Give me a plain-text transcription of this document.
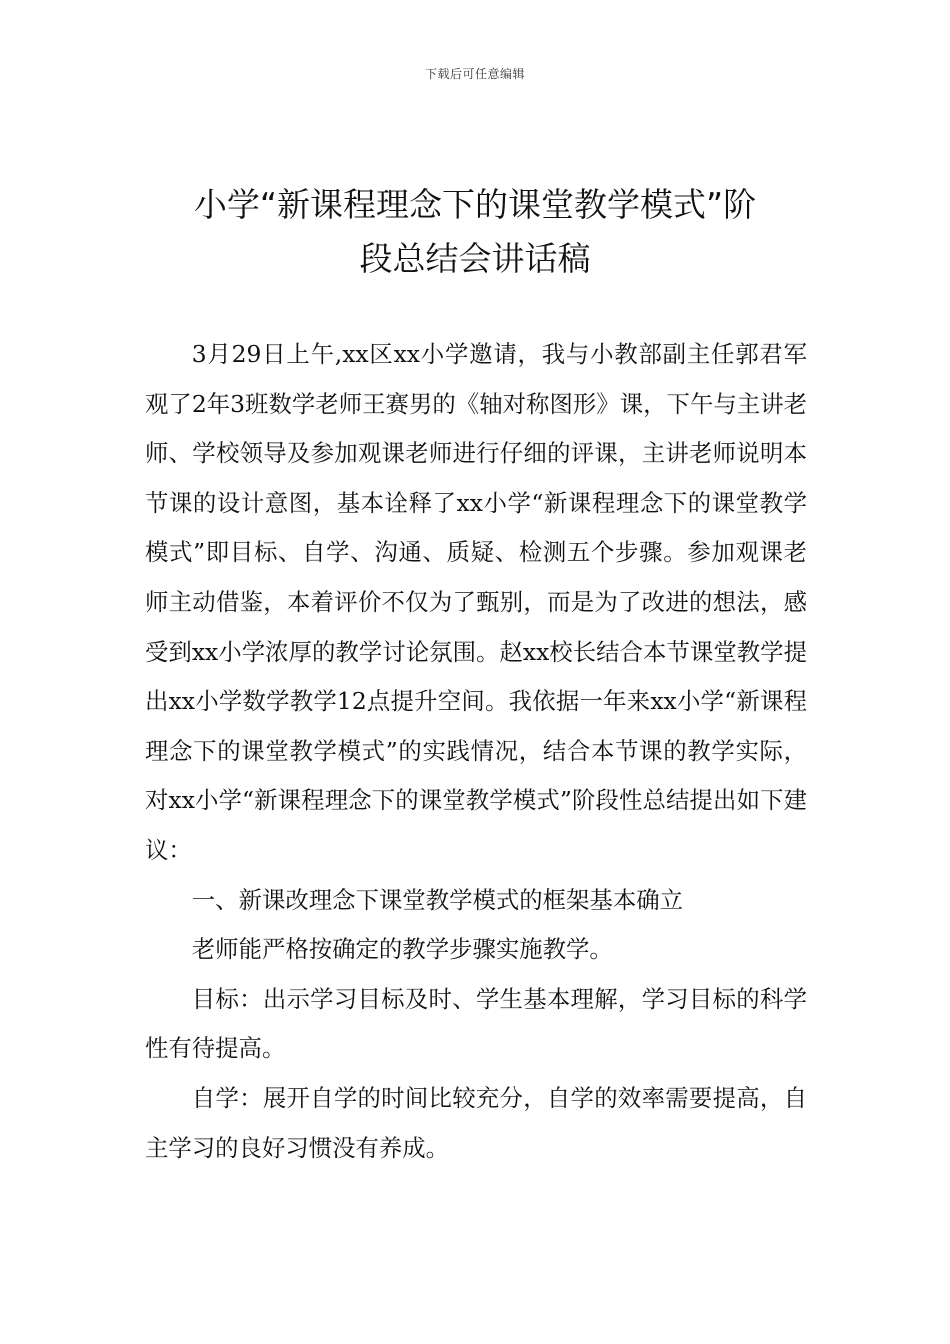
下载后可任意编辑
小学“新课程理念下的课堂教学模式”阶
段总结会讲话稿

3月29日上午,xx区xx小学邀请，我与小教部副主任郭君军观了2年3班数学老师王赛男的《轴对称图形》课，下午与主讲老师、学校领导及参加观课老师进行仔细的评课，主讲老师说明本节课的设计意图，基本诠释了xx小学“新课程理念下的课堂教学模式”即目标、自学、沟通、质疑、检测五个步骤。参加观课老师主动借鉴，本着评价不仅为了甄别，而是为了改进的想法，感受到xx小学浓厚的教学讨论氛围。赵xx校长结合本节课堂教学提出xx小学数学教学12点提升空间。我依据一年来xx小学“新课程理念下的课堂教学模式”的实践情况，结合本节课的教学实际，对xx小学“新课程理念下的课堂教学模式”阶段性总结提出如下建议：

一、新课改理念下课堂教学模式的框架基本确立

老师能严格按确定的教学步骤实施教学。

目标：出示学习目标及时、学生基本理解，学习目标的科学性有待提高。

自学：展开自学的时间比较充分，自学的效率需要提高，自主学习的良好习惯没有养成。
